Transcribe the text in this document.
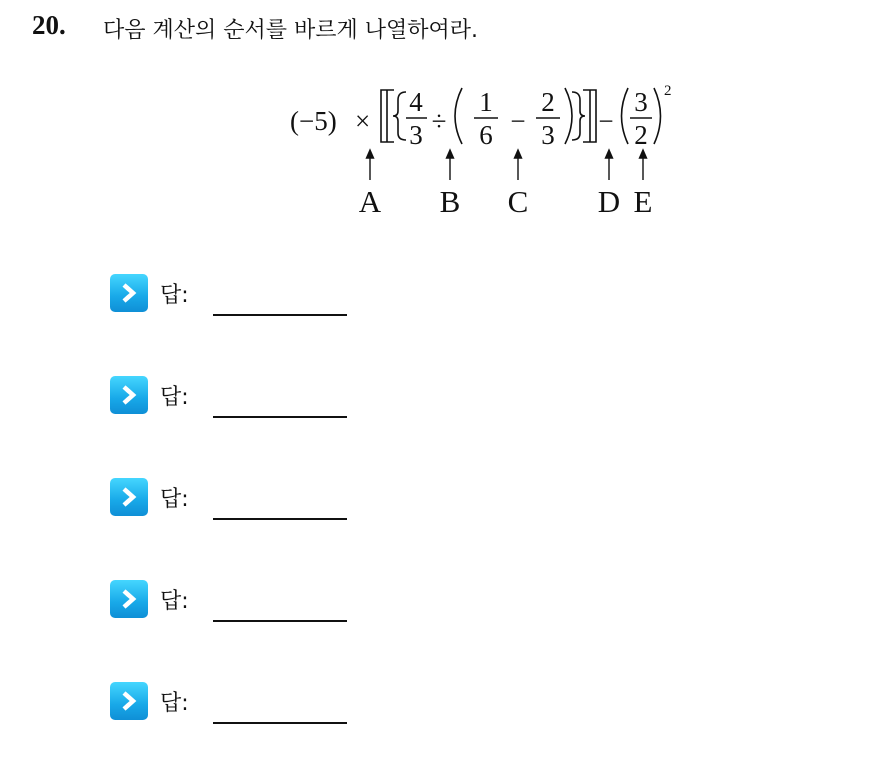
20. 다음 계산의 순서를 바르게 나열하여라.
(−5) ×
4
3 ÷
1
6 −
2
3 −
3
2
2
A B C D E
답:
답:
답:
답:
답:
